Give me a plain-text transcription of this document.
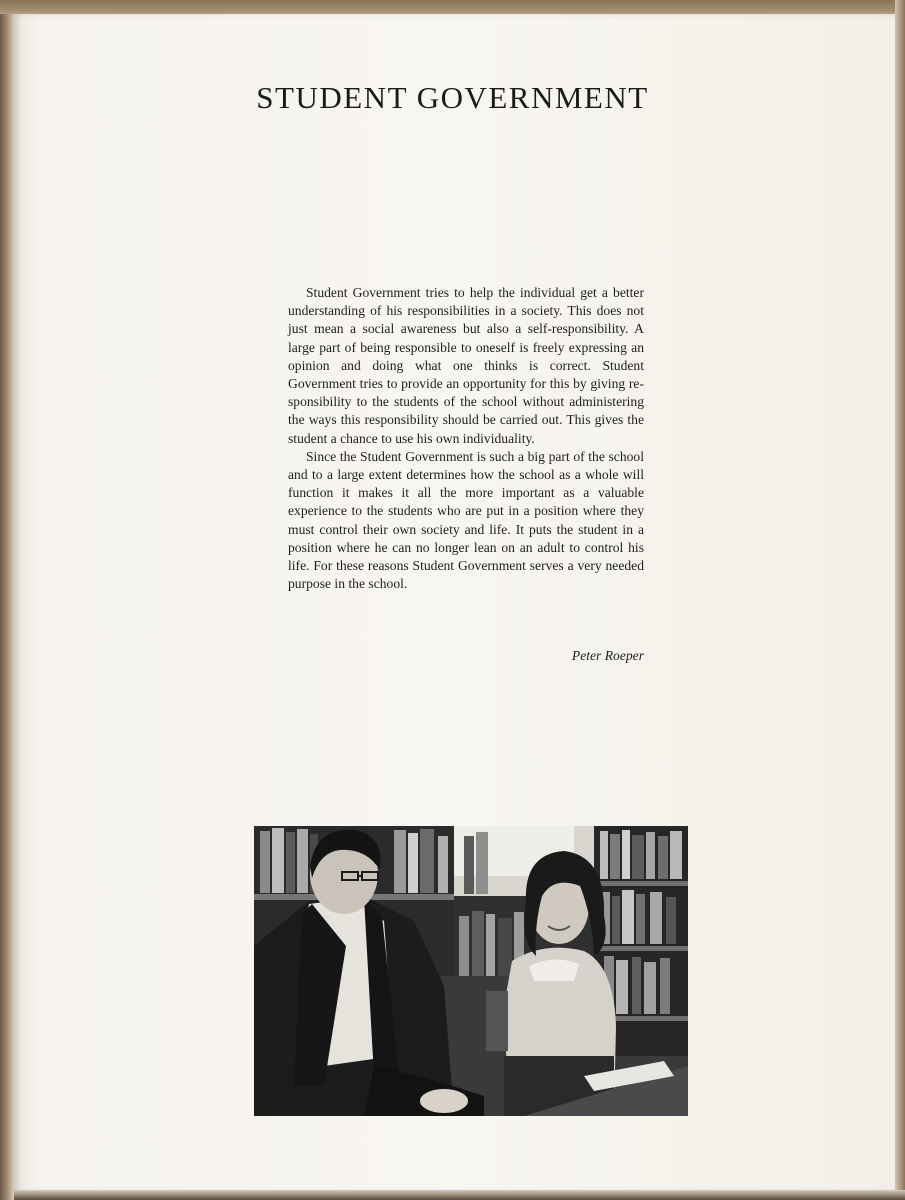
STUDENT GOVERNMENT

Student Government tries to help the individual get a better understanding of his responsibilities in a society. This does not just mean a social awareness but also a self-responsibility. A large part of being responsible to oneself is freely expressing an opinion and doing what one thinks is correct. Student Government tries to provide an opportunity for this by giving responsibility to the students of the school without administering the ways this responsibility should be carried out. This gives the student a chance to use his own individuality.

Since the Student Government is such a big part of the school and to a large extent determines how the school as a whole will function it makes it all the more important as a valuable experience to the students who are put in a position where they must control their own society and life. It puts the student in a position where he can no longer lean on an adult to control his life. For these reasons Student Government serves a very needed purpose in the school.

Peter Roeper
